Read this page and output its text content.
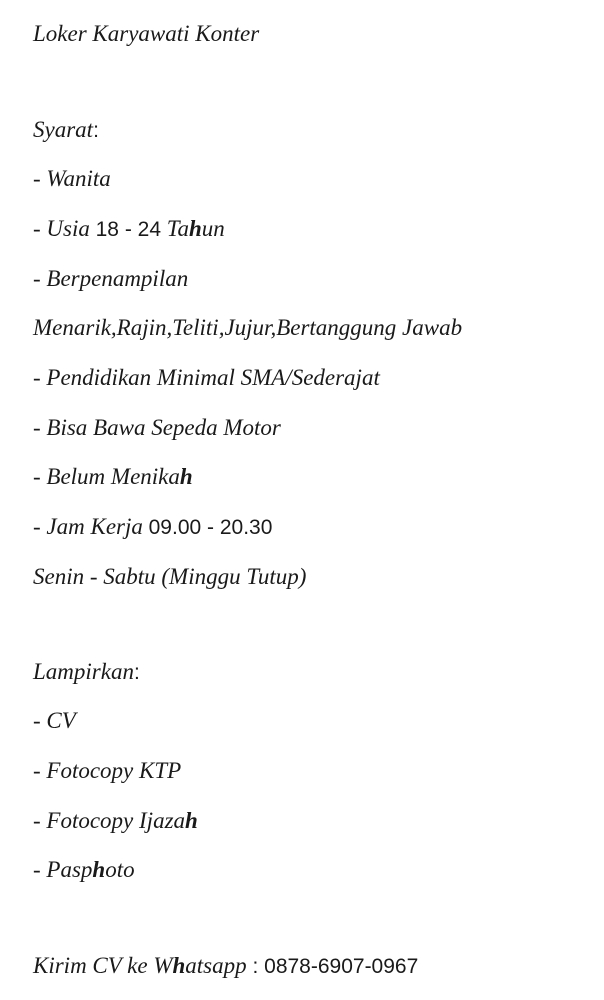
Loker Karyawati Konter
Syarat:
- Wanita
- Usia 18 - 24 Tahun
- Berpenampilan
Menarik,Rajin,Teliti,Jujur,Bertanggung Jawab
- Pendidikan Minimal SMA/Sederajat
- Bisa Bawa Sepeda Motor
- Belum Menikah
- Jam Kerja 09.00 - 20.30
Senin - Sabtu (Minggu Tutup)
Lampirkan:
- CV
- Fotocopy KTP
- Fotocopy Ijazah
- Pasphoto
Kirim CV ke Whatsapp : 0878-6907-0967
